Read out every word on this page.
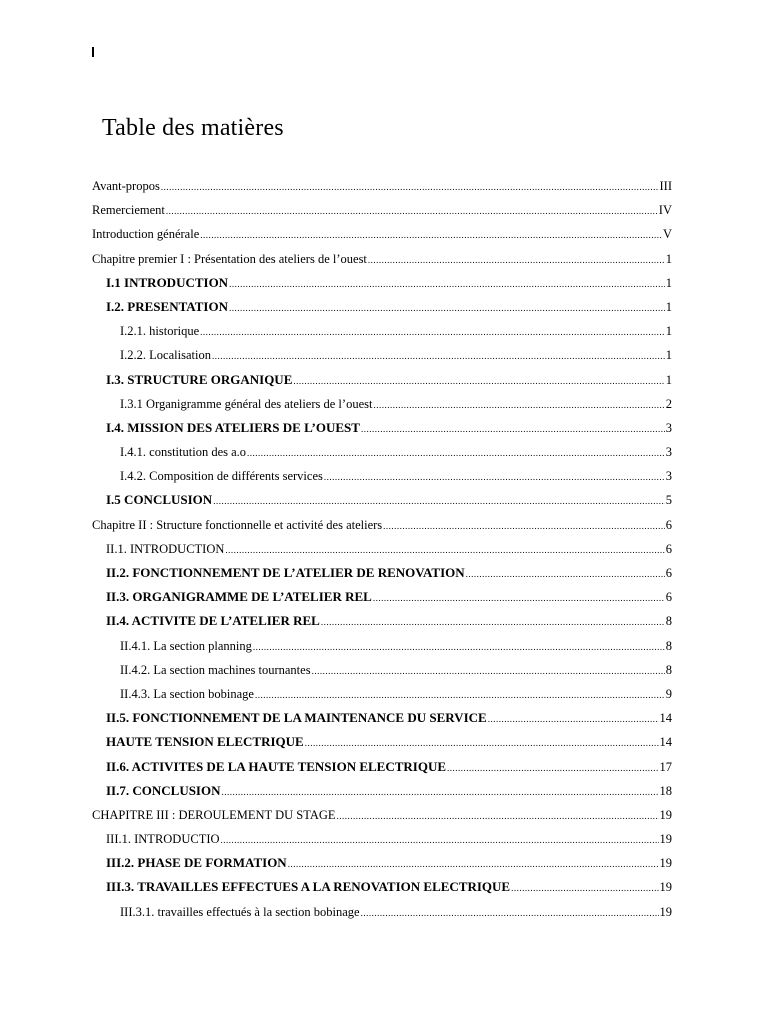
Table des matières
Avant-propos .....	III
Remerciement .....	IV
Introduction générale .....	V
Chapitre premier I : Présentation des ateliers de l’ouest .....	1
I.1 INTRODUCTION .....	1
I.2. PRESENTATION .....	1
I.2.1. historique .....	1
I.2.2. Localisation .....	1
I.3. STRUCTURE ORGANIQUE .....	1
I.3.1 Organigramme général des ateliers de l’ouest .....	2
I.4. MISSION DES ATELIERS DE L’OUEST .....	3
I.4.1. constitution des a.o .....	3
I.4.2. Composition de différents services .....	3
I.5 CONCLUSION .....	5
Chapitre II : Structure fonctionnelle et activité des ateliers .....	6
II.1. INTRODUCTION .....	6
II.2. FONCTIONNEMENT DE L’ATELIER DE RENOVATION .....	6
II.3. ORGANIGRAMME DE L’ATELIER REL .....	6
II.4. ACTIVITE DE L’ATELIER REL .....	8
II.4.1. La section planning .....	8
II.4.2. La section machines tournantes .....	8
II.4.3. La section bobinage .....	9
II.5. FONCTIONNEMENT DE LA MAINTENANCE DU SERVICE .....	14
HAUTE TENSION ELECTRIQUE .....	14
II.6. ACTIVITES DE LA HAUTE TENSION ELECTRIQUE .....	17
II.7. CONCLUSION .....	18
CHAPITRE III : DEROULEMENT DU STAGE .....	19
III.1. INTRODUCTIO .....	19
III.2. PHASE DE FORMATION .....	19
III.3. TRAVAILLES EFFECTUES A LA RENOVATION ELECTRIQUE .....	19
III.3.1. travailles effectués à la section bobinage .....	19
